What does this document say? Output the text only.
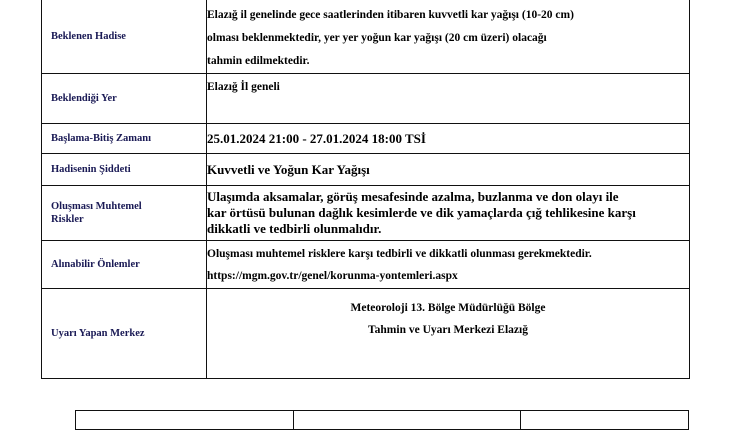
Beklenen Hadise	Elazığ il genelinde gece saatlerinden itibaren kuvvetli kar yağışı (10-20 cm)
olması beklenmektedir, yer yer yoğun kar yağışı (20 cm üzeri) olacağı
tahmin edilmektedir.

Beklendiği Yer	Elazığ İl geneli
Başlama-Bitiş Zamanı	25.01.2024 21:00 - 27.01.2024 18:00 TSİ
Hadisenin Şiddeti	Kuvvetli ve Yoğun Kar Yağışı

Oluşması Muhtemel
Riskler	Ulaşımda aksamalar, görüş mesafesinde azalma, buzlanma ve don olayı ile
kar örtüsü bulunan dağlık kesimlerde ve dik yamaçlarda çığ tehlikesine karşı
dikkatli ve tedbirli olunmalıdır.

Alınabilir Önlemler	Oluşması muhtemel risklere karşı tedbirli ve dikkatli olunması gerekmektedir.
https://mgm.gov.tr/genel/korunma-yontemleri.aspx

Uyarı Yapan Merkez	Meteoroloji 13. Bölge Müdürlüğü Bölge
Tahmin ve Uyarı Merkezi Elazığ
